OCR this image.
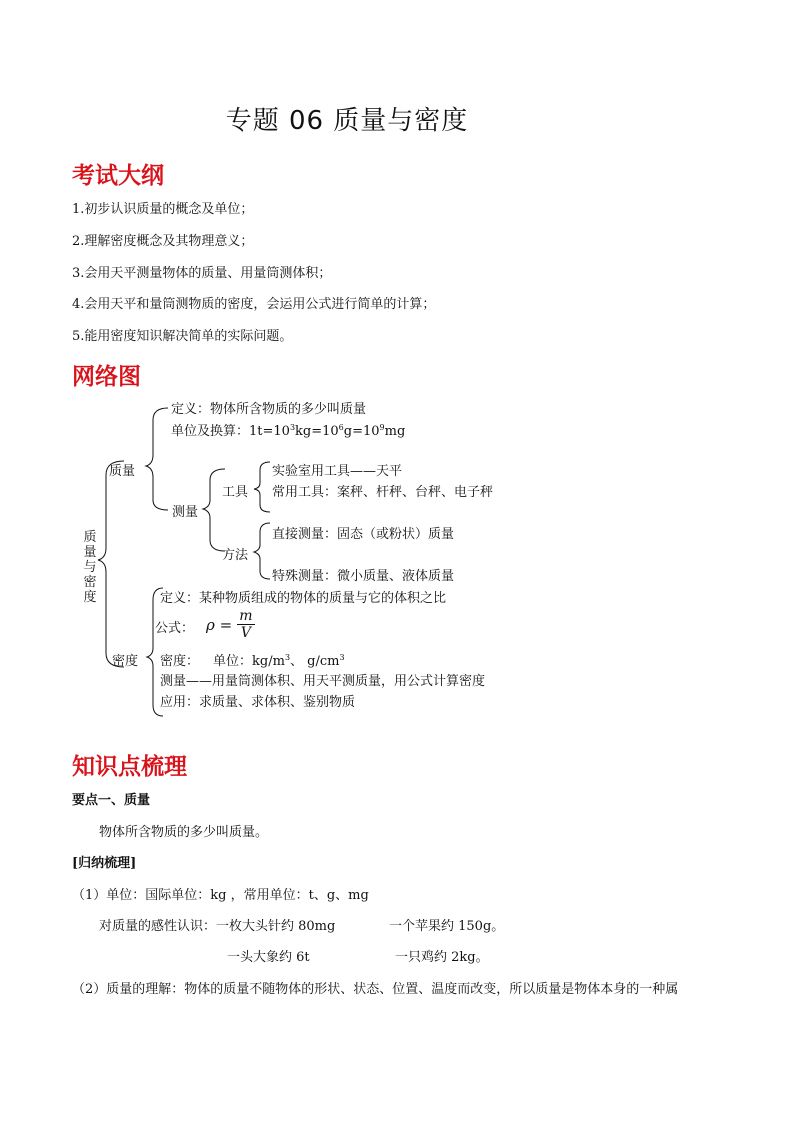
专题 06 质量与密度
考试大纲
1.初步认识质量的概念及单位；
2.理解密度概念及其物理意义；
3.会用天平测量物体的质量、用量筒测体积；
4.会用天平和量筒测物质的密度，会运用公式进行简单的计算；
5.能用密度知识解决简单的实际问题。
网络图
质量与密度
质量
定义：物体所含物质的多少叫质量
单位及换算：$1t=10^3kg=10^6g=10^9mg$
测量
工具
实验室用工具——天平
常用工具：案秤、杆秤、台秤、电子秤
方法
直接测量：固态（或粉状）质量
特殊测量：微小质量、液体质量
密度
定义：某种物质组成的物体的质量与它的体积之比
公式： $\rho = \frac{m}{V}$
密度： 单位：$kg/m^3$、 $g/cm^3$
测量——用量筒测体积、用天平测质量，用公式计算密度
应用：求质量、求体积、鉴别物质
知识点梳理
要点一、质量
物体所含物质的多少叫质量。
[归纳梳理]
（1）单位：国际单位：kg ，常用单位：t、g、mg
对质量的感性认识：一枚大头针约 80mg	一个苹果约 150g。
一头大象约 6t	一只鸡约 2kg。
（2）质量的理解：物体的质量不随物体的形状、状态、位置、温度而改变，所以质量是物体本身的一种属
